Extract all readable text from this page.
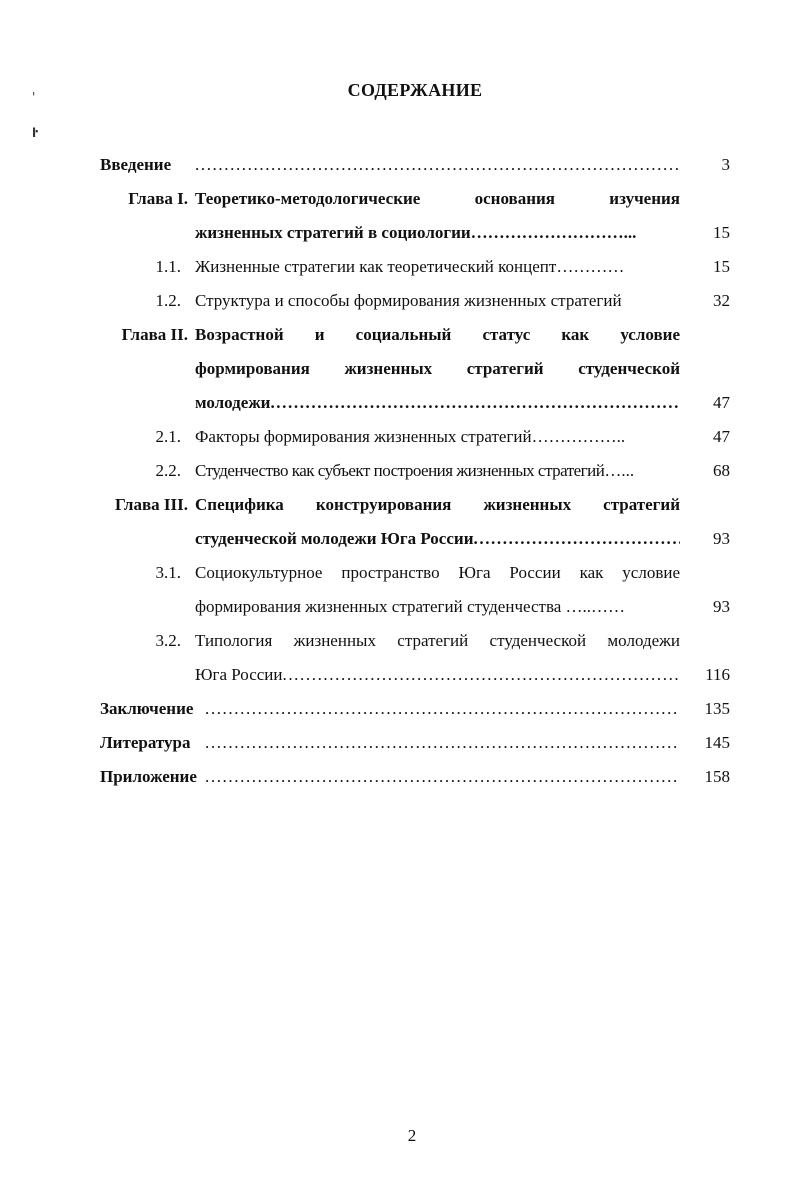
СОДЕРЖАНИЕ
Введение .....	3
Глава I. Теоретико-методологические основания изучения
жизненных стратегий в социологии………………………...	15
1.1. Жизненные стратегии как теоретический концепт…………	15
1.2. Структура и способы формирования жизненных стратегий	32
Глава II. Возрастной и социальный статус как условие
формирования жизненных стратегий студенческой
молодежи .....	47
2.1. Факторы формирования жизненных стратегий……………..	47
2.2. Студенчество как субъект построения жизненных стратегий…...	68
Глава III. Специфика конструирования жизненных стратегий
студенческой молодежи Юга России .....	93
3.1. Социокультурное пространство Юга России как условие
формирования жизненных стратегий студенчества …..……	93
3.2. Типология жизненных стратегий студенческой молодежи
Юга России .....	116
Заключение .....	135
Литература .....	145
Приложение .....	158
'
ŀ
2
